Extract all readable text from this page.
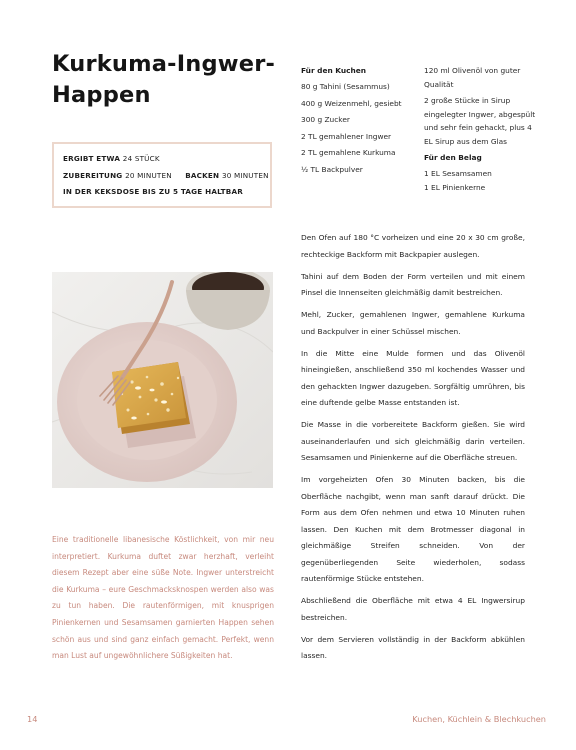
Kurkuma-Ingwer-Happen
ERGIBT ETWA 24 STÜCK
ZUBEREITUNG 20 MINUTEN BACKEN 30 MINUTEN
IN DER KEKSDOSE BIS ZU 5 TAGE HALTBAR

Eine traditionelle libanesische Köstlichkeit, von mir neu interpretiert. Kurkuma duftet zwar herzhaft, verleiht diesem Rezept aber eine süße Note. Ingwer unterstreicht die Kurkuma – eure Geschmacksknospen werden also was zu tun haben. Die rautenförmigen, mit knusprigen Pinienkernen und Sesamsamen garnierten Happen sehen schön aus und sind ganz einfach gemacht. Perfekt, wenn man Lust auf ungewöhnlichere Süßigkeiten hat.

Für den Kuchen
80 g Tahini (Sesammus)
400 g Weizenmehl, gesiebt
300 g Zucker
2 TL gemahlener Ingwer
2 TL gemahlene Kurkuma
½ TL Backpulver
120 ml Olivenöl von guter Qualität
2 große Stücke in Sirup eingelegter Ingwer, abgespült und sehr fein gehackt, plus 4 EL Sirup aus dem Glas
Für den Belag
1 EL Sesamsamen
1 EL Pinienkerne

Den Ofen auf 180 °C vorheizen und eine 20 x 30 cm große, rechteckige Backform mit Backpapier auslegen.

Tahini auf dem Boden der Form verteilen und mit einem Pinsel die Innenseiten gleichmäßig damit bestreichen.

Mehl, Zucker, gemahlenen Ingwer, gemahlene Kurkuma und Backpulver in einer Schüssel mischen.

In die Mitte eine Mulde formen und das Olivenöl hineingießen, anschließend 350 ml kochendes Wasser und den gehackten Ingwer dazugeben. Sorgfältig umrühren, bis eine duftende gelbe Masse entstanden ist.

Die Masse in die vorbereitete Backform gießen. Sie wird auseinanderlaufen und sich gleichmäßig darin verteilen. Sesamsamen und Pinienkerne auf die Oberfläche streuen.

Im vorgeheizten Ofen 30 Minuten backen, bis die Oberfläche nachgibt, wenn man sanft darauf drückt. Die Form aus dem Ofen nehmen und etwa 10 Minuten ruhen lassen. Den Kuchen mit dem Brotmesser diagonal in gleichmäßige Streifen schneiden. Von der gegenüberliegenden Seite wiederholen, sodass rautenförmige Stücke entstehen.

Abschließend die Oberfläche mit etwa 4 EL Ingwersirup bestreichen.

Vor dem Servieren vollständig in der Backform abkühlen lassen.

14	Kuchen, Küchlein & Blechkuchen
